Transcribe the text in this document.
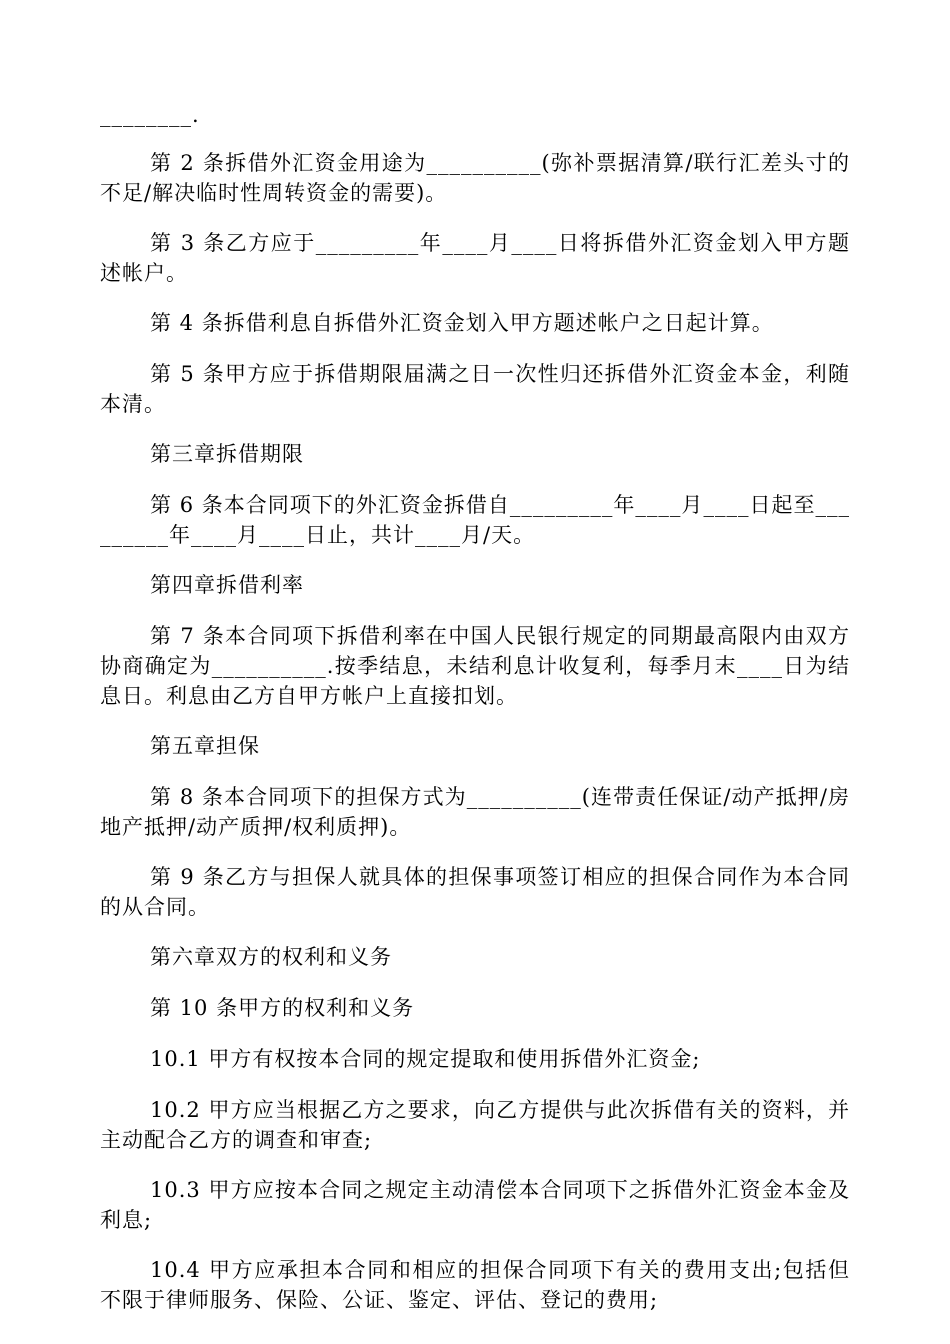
________.

第 2 条拆借外汇资金用途为__________(弥补票据清算/联行汇差头寸的不足/解决临时性周转资金的需要)。

第 3 条乙方应于_________年____月____日将拆借外汇资金划入甲方题述帐户。

第 4 条拆借利息自拆借外汇资金划入甲方题述帐户之日起计算。

第 5 条甲方应于拆借期限届满之日一次性归还拆借外汇资金本金，利随本清。

第三章拆借期限

第 6 条本合同项下的外汇资金拆借自_________年____月____日起至_________年____月____日止，共计____月/天。

第四章拆借利率

第 7 条本合同项下拆借利率在中国人民银行规定的同期最高限内由双方协商确定为__________.按季结息，未结利息计收复利，每季月末____日为结息日。利息由乙方自甲方帐户上直接扣划。

第五章担保

第 8 条本合同项下的担保方式为__________(连带责任保证/动产抵押/房地产抵押/动产质押/权利质押)。

第 9 条乙方与担保人就具体的担保事项签订相应的担保合同作为本合同的从合同。

第六章双方的权利和义务

第 10 条甲方的权利和义务

10.1 甲方有权按本合同的规定提取和使用拆借外汇资金;

10.2 甲方应当根据乙方之要求，向乙方提供与此次拆借有关的资料，并主动配合乙方的调查和审查;

10.3 甲方应按本合同之规定主动清偿本合同项下之拆借外汇资金本金及利息;

10.4 甲方应承担本合同和相应的担保合同项下有关的费用支出;包括但不限于律师服务、保险、公证、鉴定、评估、登记的费用;
